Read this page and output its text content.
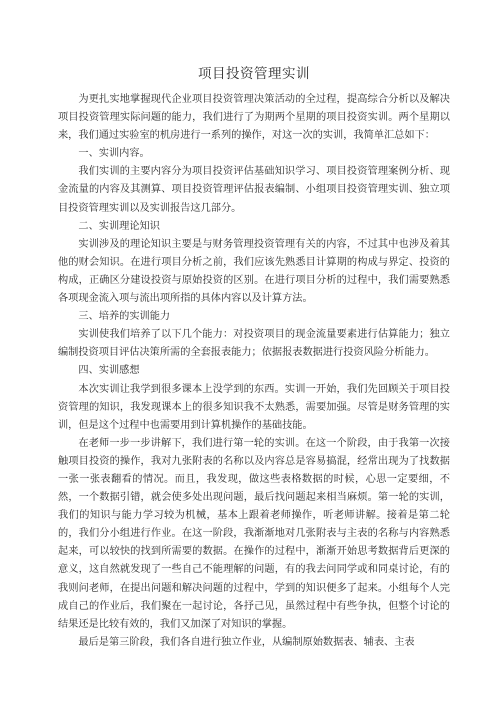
项目投资管理实训

为更扎实地掌握现代企业项目投资管理决策活动的全过程，提高综合分析以及解决项目投资管理实际问题的能力，我们进行了为期两个星期的项目投资实训。两个星期以来，我们通过实验室的机房进行一系列的操作，对这一次的实训，我简单汇总如下：

一、实训内容。

我们实训的主要内容分为项目投资评估基础知识学习、项目投资管理案例分析、现金流量的内容及其测算、项目投资管理评估报表编制、小组项目投资管理实训、独立项目投资管理实训以及实训报告这几部分。

二、实训理论知识

实训涉及的理论知识主要是与财务管理投资管理有关的内容，不过其中也涉及着其他的财会知识。在进行项目分析之前，我们应该先熟悉目计算期的构成与界定、投资的构成，正确区分建设投资与原始投资的区别。在进行项目分析的过程中，我们需要熟悉各项现金流入项与流出项所指的具体内容以及计算方法。

三、培养的实训能力

实训使我们培养了以下几个能力：对投资项目的现金流量要素进行估算能力；独立编制投资项目评估决策所需的全套报表能力；依据报表数据进行投资风险分析能力。

四、实训感想

本次实训让我学到很多课本上没学到的东西。实训一开始，我们先回顾关于项目投资管理的知识，我发现课本上的很多知识我不太熟悉，需要加强。尽管是财务管理的实训，但是这个过程中也需要用到计算机操作的基础技能。

在老师一步一步讲解下，我们进行第一轮的实训。在这一个阶段，由于我第一次接触项目投资的操作，我对九张附表的名称以及内容总是容易搞混，经常出现为了找数据一张一张表翻看的情况。而且，我发现，做这些表格数据的时候，心思一定要细，不然，一个数据引错，就会使多处出现问题，最后找问题起来相当麻烦。第一轮的实训，我们的知识与能力学习较为机械，基本上跟着老师操作，听老师讲解。接着是第二轮的，我们分小组进行作业。在这一阶段，我渐渐地对几张附表与主表的名称与内容熟悉起来，可以较快的找到所需要的数据。在操作的过程中，渐渐开始思考数据背后更深的意义，这自然就发现了一些自己不能理解的问题，有的我去问同学或和同桌讨论，有的我则问老师，在提出问题和解决问题的过程中，学到的知识便多了起来。小组每个人完成自己的作业后，我们聚在一起讨论，各抒己见，虽然过程中有些争执，但整个讨论的结果还是比较有效的，我们又加深了对知识的掌握。

最后是第三阶段，我们各自进行独立作业，从编制原始数据表、辅表、主表
